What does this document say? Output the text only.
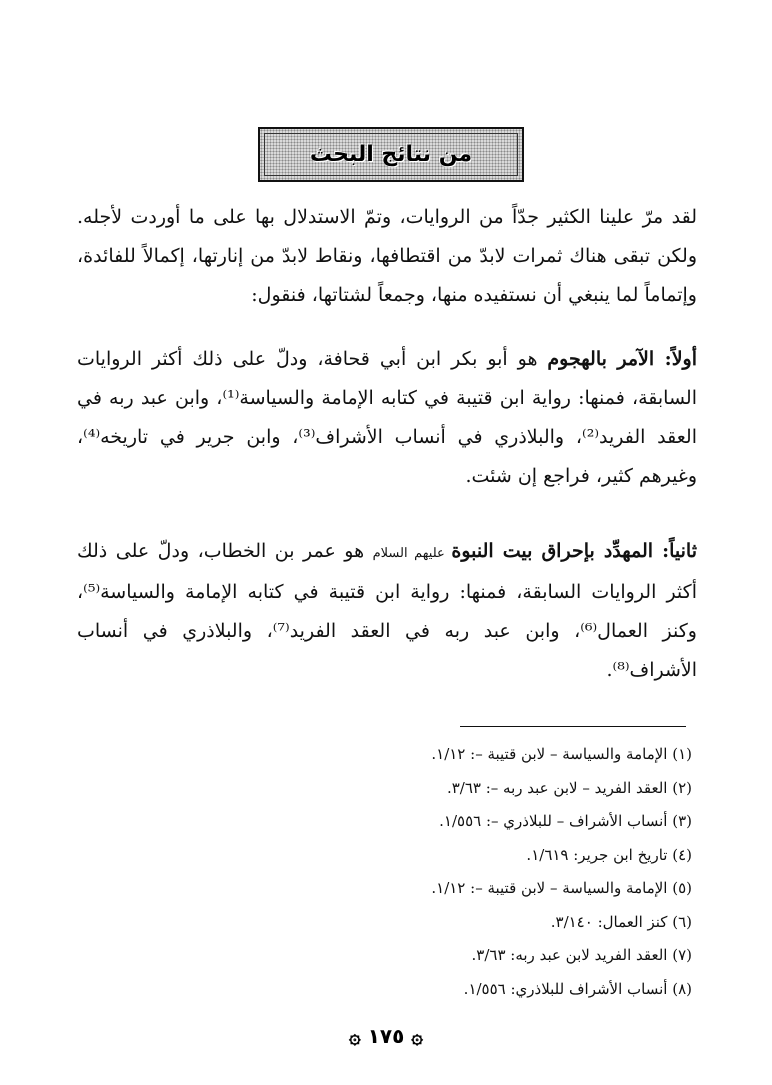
من نتائج البحث

لقد مرّ علينا الكثير جدّاً من الروايات، وتمّ الاستدلال بها على ما أوردت لأجله. ولكن تبقى هناك ثمرات لابدّ من اقتطافها، ونقاط لابدّ من إنارتها، إكمالاً للفائدة، وإتماماً لما ينبغي أن نستفيده منها، وجمعاً لشتاتها، فنقول:

أولاً: الآمر بالهجوم هو أبو بكر ابن أبي قحافة، ودلّ على ذلك أكثر الروايات السابقة، فمنها: رواية ابن قتيبة في كتابه الإمامة والسياسة⁽¹⁾، وابن عبد ربه في العقد الفريد⁽²⁾، والبلاذري في أنساب الأشراف⁽³⁾، وابن جرير في تاريخه⁽⁴⁾، وغيرهم كثير، فراجع إن شئت.

ثانياً: المهدِّد بإحراق بيت النبوة عليهم السلام هو عمر بن الخطاب، ودلّ على ذلك أكثر الروايات السابقة، فمنها: رواية ابن قتيبة في كتابه الإمامة والسياسة⁽⁵⁾، وكنز العمال⁽⁶⁾، وابن عبد ربه في العقد الفريد⁽⁷⁾، والبلاذري في أنساب الأشراف⁽⁸⁾.

(١) الإمامة والسياسة – لابن قتيبة –: ١/١٢.
(٢) العقد الفريد – لابن عبد ربه –: ٣/٦٣.
(٣) أنساب الأشراف – للبلاذري –: ١/٥٥٦.
(٤) تاريخ ابن جرير: ١/٦١٩.
(٥) الإمامة والسياسة – لابن قتيبة –: ١/١٢.
(٦) كنز العمال: ٣/١٤٠.
(٧) العقد الفريد لابن عبد ربه: ٣/٦٣.
(٨) أنساب الأشراف للبلاذري: ١/٥٥٦.
۞ ١٧٥ ۞
